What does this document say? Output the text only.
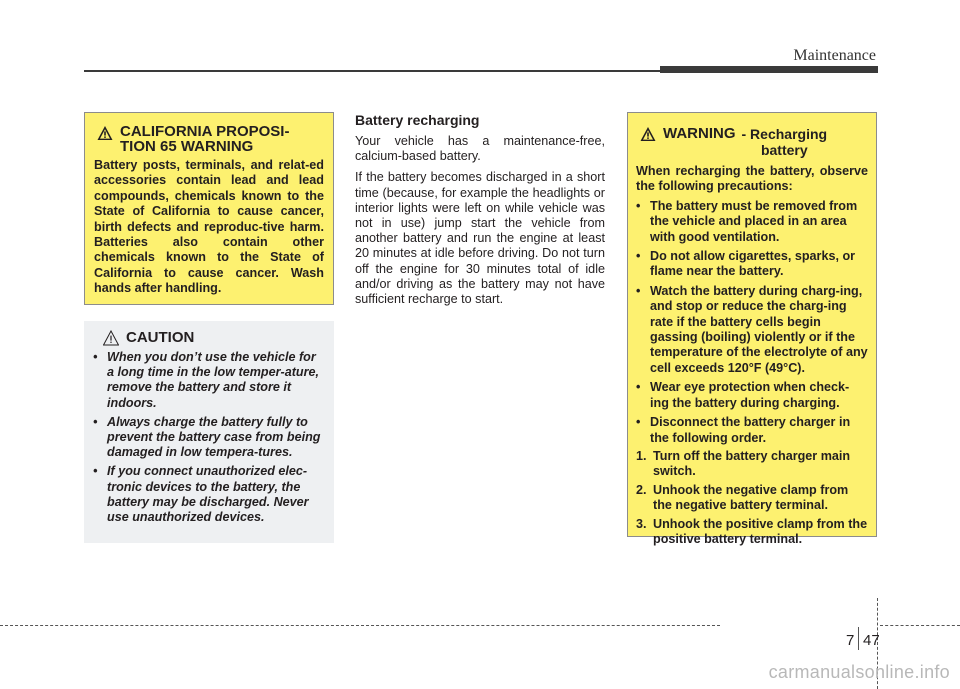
Maintenance
CALIFORNIA PROPOSI-
TION 65 WARNING
Battery posts, terminals, and relat-ed accessories contain lead and lead compounds, chemicals known to the State of California to cause cancer, birth defects and reproduc-tive harm. Batteries also contain other chemicals known to the State of California to cause cancer. Wash hands after handling.
CAUTION
• When you don’t use the vehicle for a long time in the low temper-ature, remove the battery and store it indoors.
• Always charge the battery fully to prevent the battery case from being damaged in low tempera-tures.
• If you connect unauthorized elec-tronic devices to the battery, the battery may be discharged. Never use unauthorized devices.
Battery recharging

Your vehicle has a maintenance-free, calcium-based battery.

If the battery becomes discharged in a short time (because, for example the headlights or interior lights were left on while vehicle was not in use) jump start the vehicle from another battery and run the engine at least 20 minutes at idle before driving. Do not turn off the engine for 30 minutes total of idle and/or driving as the battery may not have sufficient recharge to start.

WARNING - Recharging
battery
When recharging the battery, observe the following precautions:
• The battery must be removed from the vehicle and placed in an area with good ventilation.
• Do not allow cigarettes, sparks, or flame near the battery.
• Watch the battery during charg-ing, and stop or reduce the charg-ing rate if the battery cells begin gassing (boiling) violently or if the temperature of the electrolyte of any cell exceeds 120°F (49°C).
• Wear eye protection when check-ing the battery during charging.
• Disconnect the battery charger in the following order.
1. Turn off the battery charger main switch.
2. Unhook the negative clamp from the negative battery terminal.
3. Unhook the positive clamp from the positive battery terminal.
7 47
carmanualsonline.info
